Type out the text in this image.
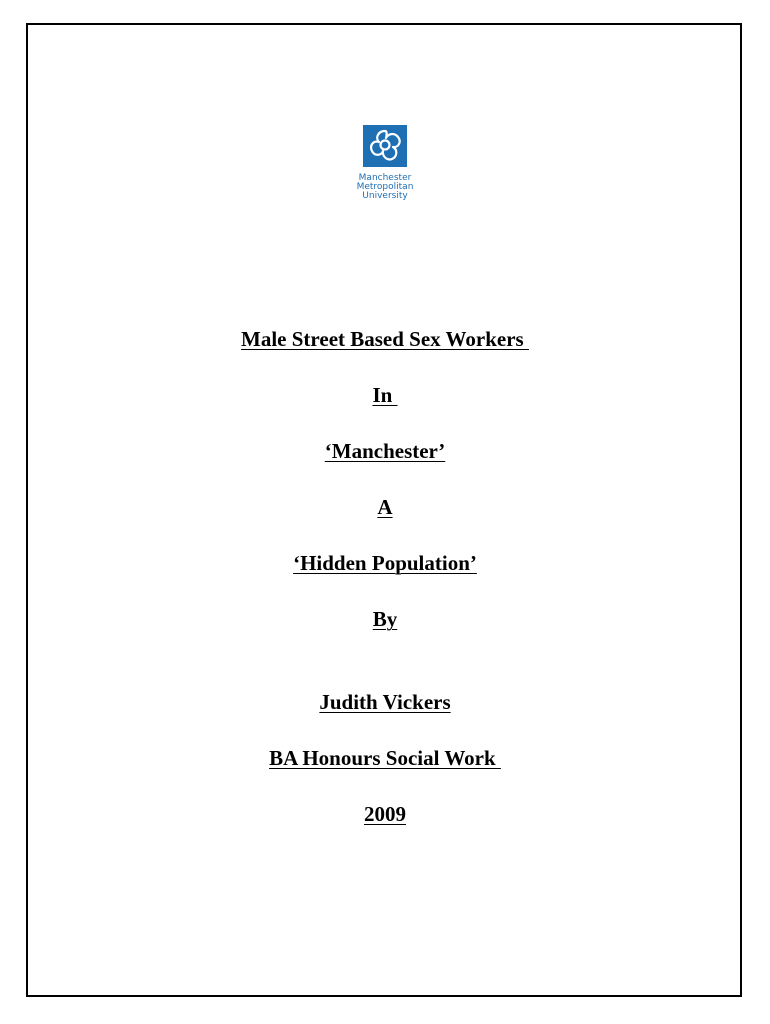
Manchester
Metropolitan
University
Male Street Based Sex Workers
In
‘Manchester’
A
‘Hidden Population’
By
Judith Vickers
BA Honours Social Work
2009
